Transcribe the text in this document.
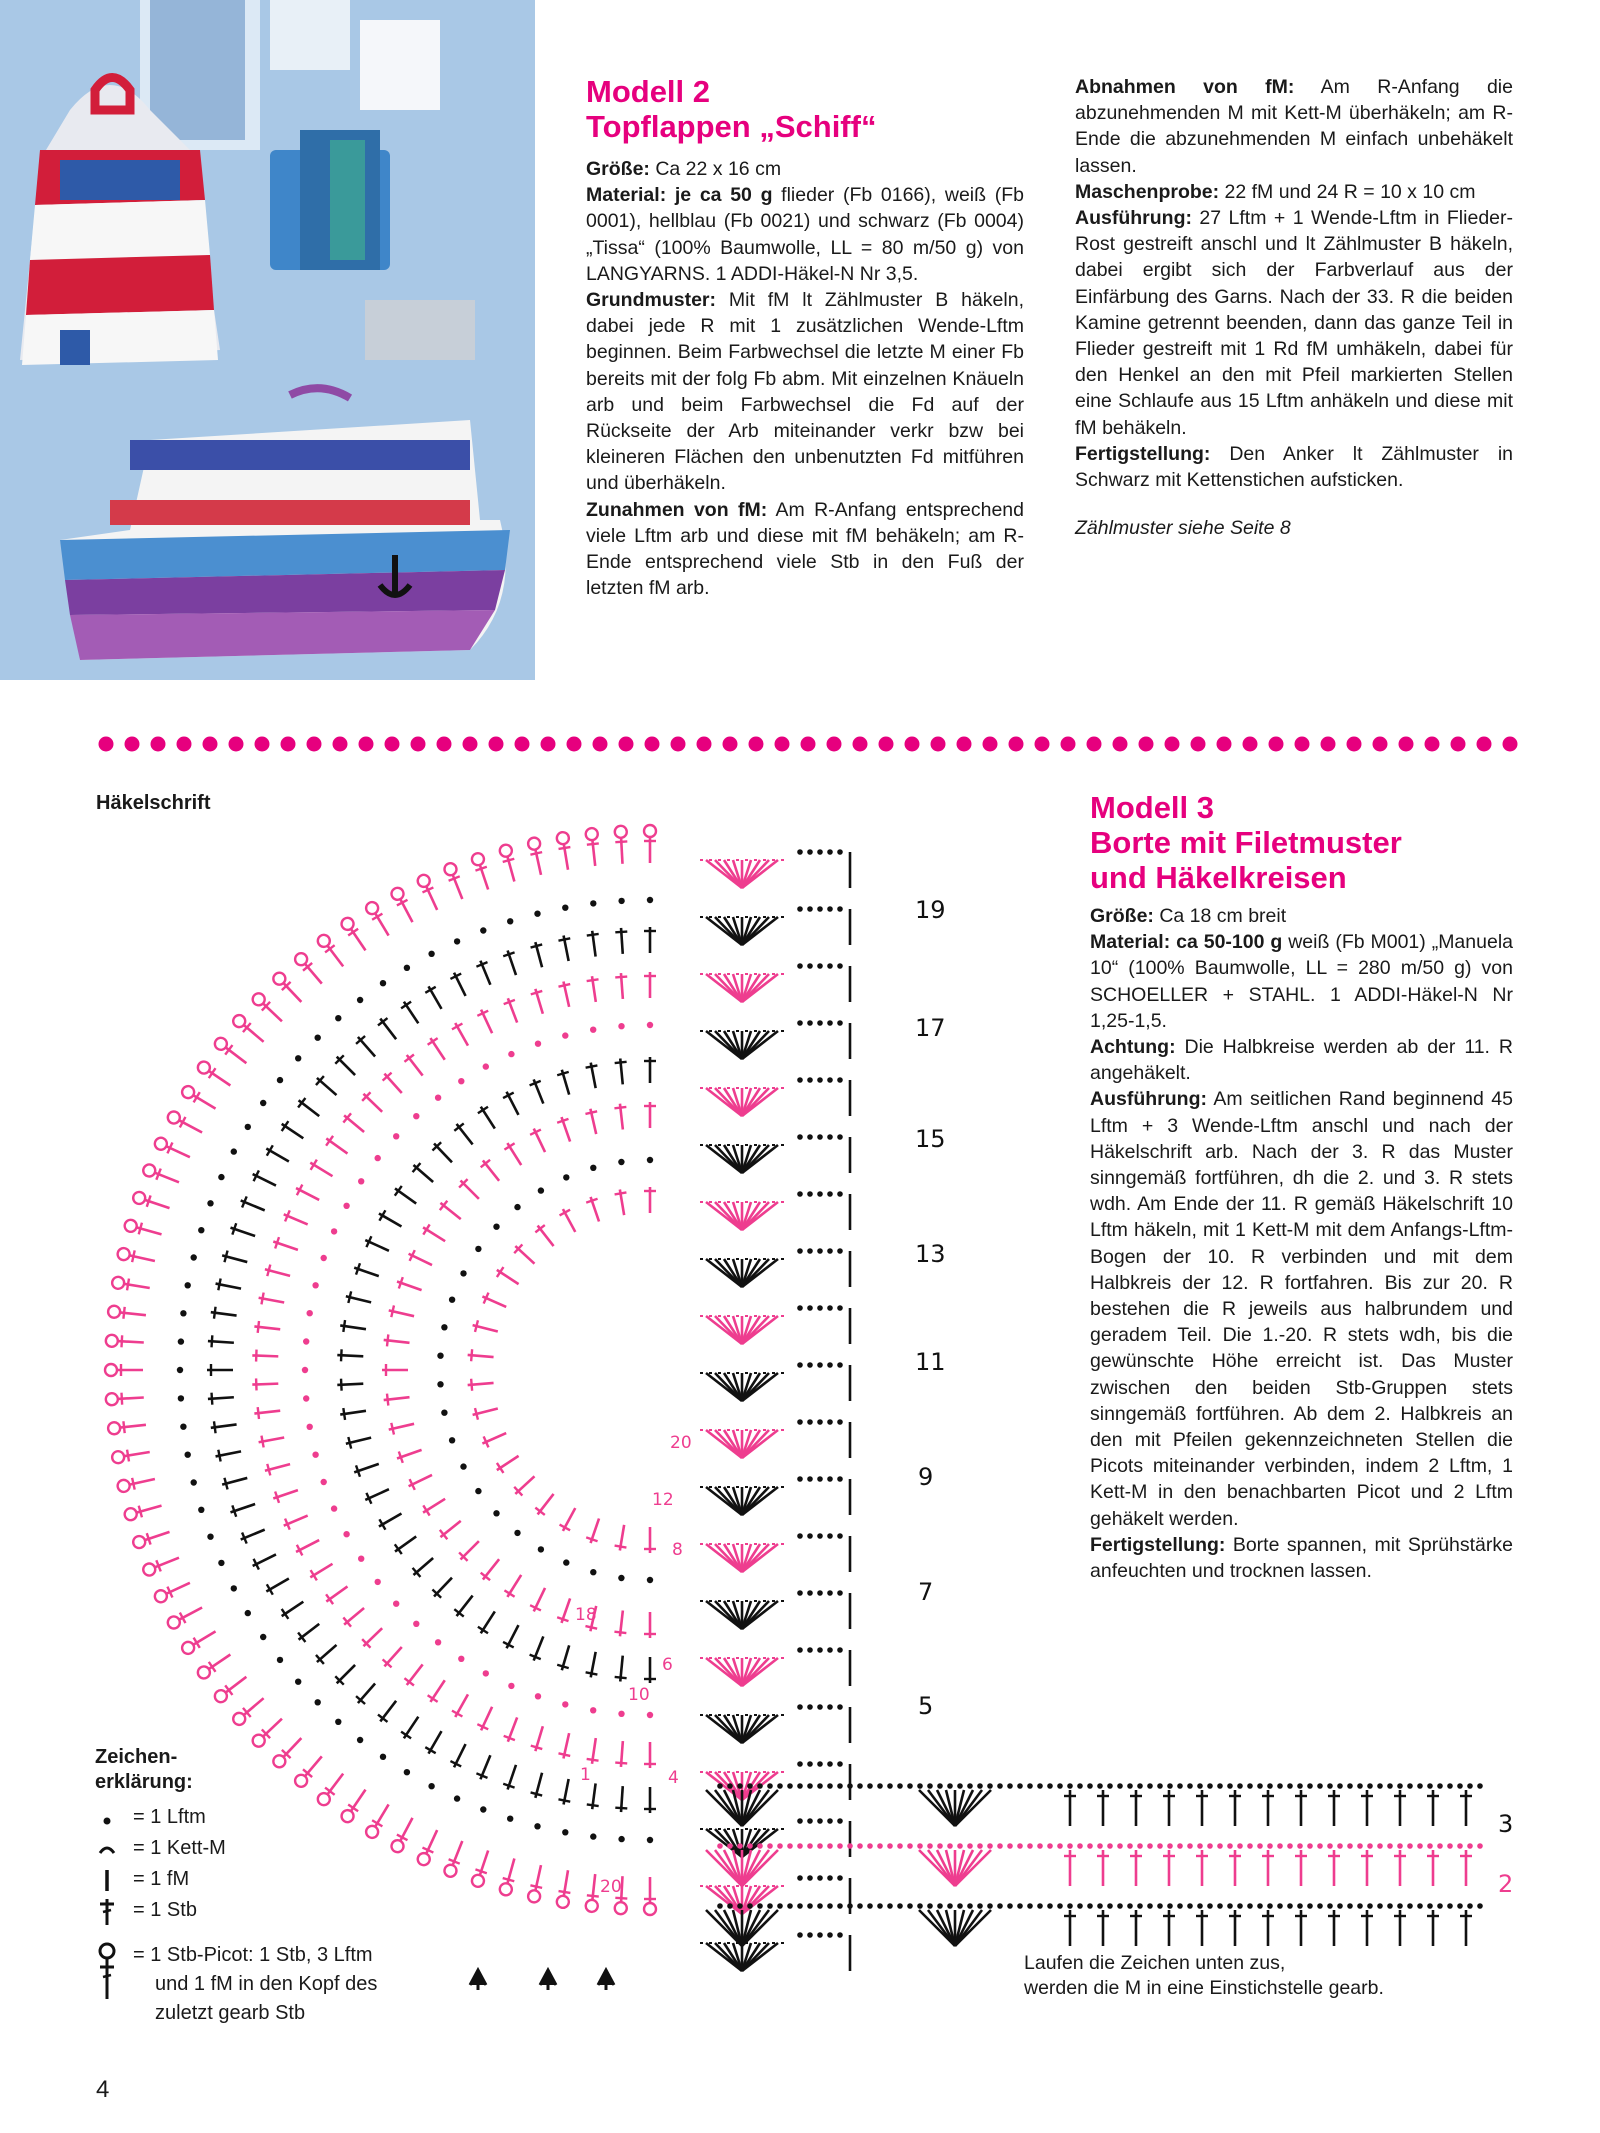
Modell 2
Topflappen „Schiff“

Größe: Ca 22 x 16 cm

Material: je ca 50 g flieder (Fb 0166), weiß (Fb 0001), hellblau (Fb 0021) und schwarz (Fb 0004) „Tissa“ (100% Baumwolle, LL = 80 m/50 g) von LANGYARNS. 1 ADDI-Häkel-N Nr 3,5.

Grundmuster: Mit fM lt Zählmuster B häkeln, dabei jede R mit 1 zusätzlichen Wende-Lftm beginnen. Beim Farbwechsel die letzte M einer Fb bereits mit der folg Fb abm. Mit einzelnen Knäueln arb und beim Farbwechsel die Fd auf der Rückseite der Arb miteinander verkr bzw bei kleineren Flächen den unbenutzten Fd mitführen und überhäkeln.

Zunahmen von fM: Am R-Anfang entsprechend viele Lftm arb und diese mit fM behäkeln; am R-Ende entsprechend viele Stb in den Fuß der letzten fM arb.

Abnahmen von fM: Am R-Anfang die abzunehmenden M mit Kett-M überhäkeln; am R-Ende die abzunehmenden M einfach unbehäkelt lassen.

Maschenprobe: 22 fM und 24 R = 10 x 10 cm

Ausführung: 27 Lftm + 1 Wende-Lftm in Flieder-Rost gestreift anschl und lt Zählmuster B häkeln, dabei ergibt sich der Farbverlauf aus der Einfärbung des Garns. Nach der 33. R die beiden Kamine getrennt beenden, dann das ganze Teil in Flieder gestreift mit 1 Rd fM umhäkeln, dabei für den Henkel an den mit Pfeil markierten Stellen eine Schlaufe aus 15 Lftm anhäkeln und diese mit fM behäkeln.

Fertigstellung: Den Anker lt Zählmuster in Schwarz mit Kettenstichen aufsticken.

Zählmuster siehe Seite 8

Häkelschrift	Modell 3
Borte mit Filetmuster
und Häkelkreisen

Größe: Ca 18 cm breit

Material: ca 50-100 g weiß (Fb M001) „Manuela 10“ (100% Baumwolle, LL = 280 m/50 g) von SCHOELLER + STAHL. 1 ADDI-Häkel-N Nr 1,25-1,5.

Achtung: Die Halbkreise werden ab der 11. R angehäkelt.

Ausführung: Am seitlichen Rand beginnend 45 Lftm + 3 Wende-Lftm anschl und nach der Häkelschrift arb. Nach der 3. R das Muster sinngemäß fortführen, dh die 2. und 3. R stets wdh. Am Ende der 11. R gemäß Häkelschrift 10 Lftm häkeln, mit 1 Kett-M mit dem Anfangs-Lftm-Bogen der 10. R verbinden und mit dem Halbkreis der 12. R fortfahren. Bis zur 20. R bestehen die R jeweils aus halbrundem und geradem Teil. Die 1.-20. R stets wdh, bis die gewünschte Höhe erreicht ist. Das Muster zwischen den beiden Stb-Gruppen stets sinngemäß fortführen. Ab dem 2. Halbkreis an den mit Pfeilen gekennzeichneten Stellen die Picots miteinander verbinden, indem 2 Lftm, 1 Kett-M in den benachbarten Picot und 2 Lftm gehäkelt werden.

Fertigstellung: Borte spannen, mit Sprühstärke anfeuchten und trocknen lassen.

19
17
15
13
11
9
7
5
3
2
20
12
8
6
4
10
18
1
20
Zeichen-
erklärung:
= 1 Lftm
= 1 Kett-M
= 1 fM
= 1 Stb
= 1 Stb-Picot: 1 Stb, 3 Lftm
und 1 fM in den Kopf des
zuletzt gearb Stb
Laufen die Zeichen unten zus,
werden die M in eine Einstichstelle gearb.
4
